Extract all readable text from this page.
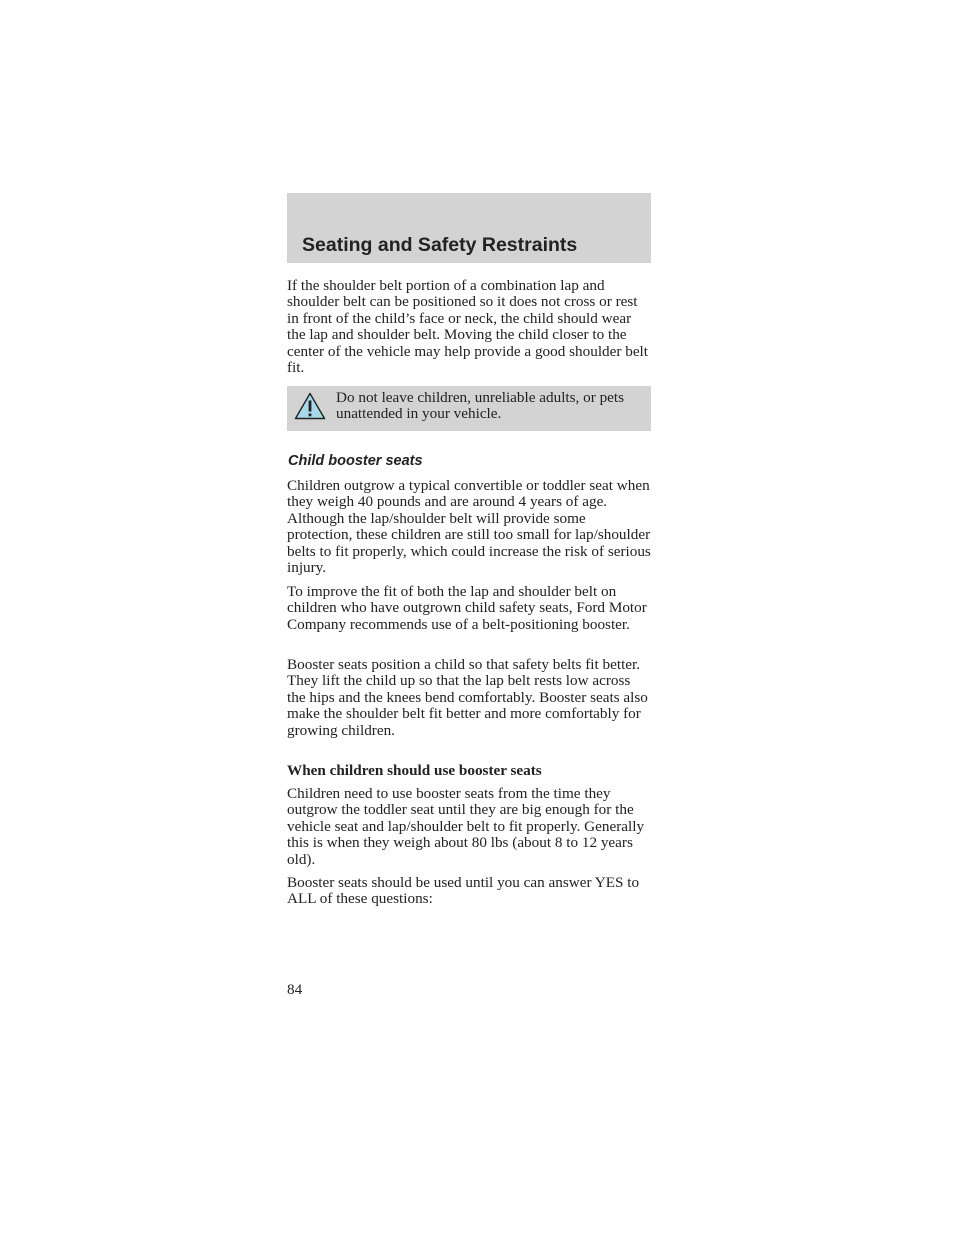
Seating and Safety Restraints

If the shoulder belt portion of a combination lap and shoulder belt can be positioned so it does not cross or rest in front of the child’s face or neck, the child should wear the lap and shoulder belt. Moving the child closer to the center of the vehicle may help provide a good shoulder belt fit.

Do not leave children, unreliable adults, or pets unattended in your vehicle.

Child booster seats

Children outgrow a typical convertible or toddler seat when they weigh 40 pounds and are around 4 years of age. Although the lap/shoulder belt will provide some protection, these children are still too small for lap/shoulder belts to fit properly, which could increase the risk of serious injury.

To improve the fit of both the lap and shoulder belt on children who have outgrown child safety seats, Ford Motor Company recommends use of a belt-positioning booster.

Booster seats position a child so that safety belts fit better. They lift the child up so that the lap belt rests low across the hips and the knees bend comfortably. Booster seats also make the shoulder belt fit better and more comfortably for growing children.

When children should use booster seats

Children need to use booster seats from the time they outgrow the toddler seat until they are big enough for the vehicle seat and lap/shoulder belt to fit properly. Generally this is when they weigh about 80 lbs (about 8 to 12 years old).

Booster seats should be used until you can answer YES to ALL of these questions:

84
